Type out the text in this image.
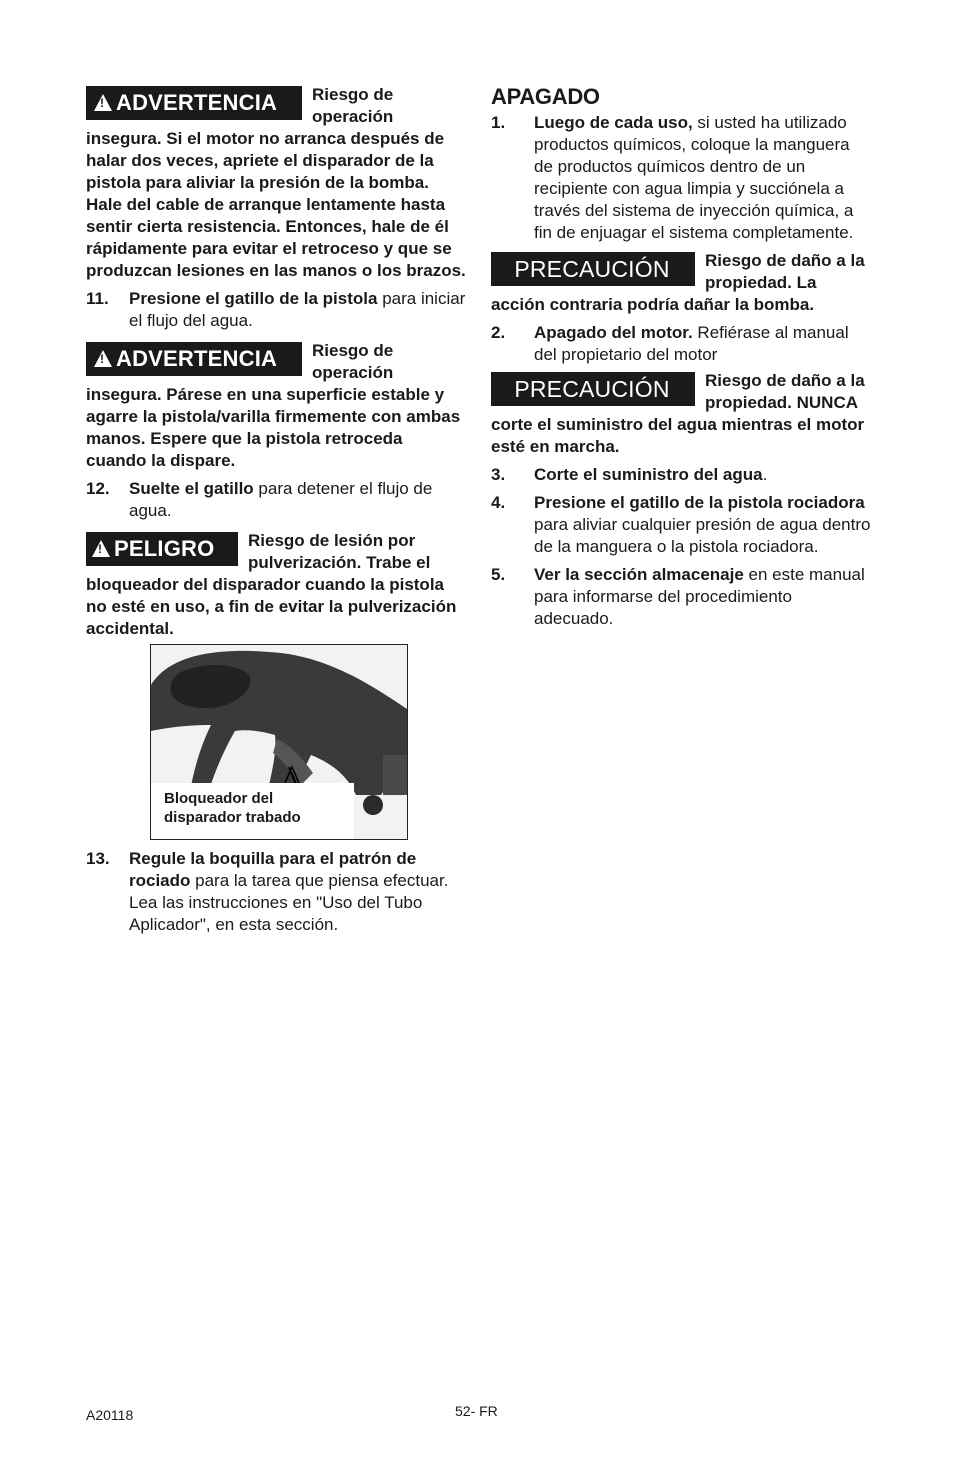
!ADVERTENCIA	Riesgo de operación insegura. Si el motor no arranca después de halar dos veces, apriete el disparador de la pistola para aliviar la presión de la bomba. Hale del cable de arranque lentamente hasta sentir cierta resistencia. Entonces, hale de él rápidamente para evitar el retroceso y que se produzcan lesiones en las manos o los brazos.
11.	Presione el gatillo de la pistola para iniciar el flujo del agua.
!ADVERTENCIA	Riesgo de operación insegura. Párese en una superficie estable y agarre la pistola/varilla firmemente con ambas manos. Espere que la pistola retroceda cuando la dispare.
12.	Suelte el gatillo para detener el flujo de agua.
!PELIGRO	Riesgo de lesión por pulverización. Trabe el bloqueador del disparador cuando la pistola no esté en uso, a fin de evitar la pulverización accidental.
Bloqueador del disparador trabado
13.	Regule la boquilla para el patrón de rociado para la tarea que piensa efectuar. Lea las instrucciones en "Uso del Tubo Aplicador", en esta sección.
APAGADO
1.	Luego de cada uso, si usted ha utilizado productos químicos, coloque la manguera de productos químicos dentro de un recipiente con agua limpia y succiónela a través del sistema de inyección química, a fin de enjuagar el sistema completamente.
PRECAUCIÓN	Riesgo de daño a la propiedad. La acción contraria podría dañar la bomba.
2.	Apagado del motor. Refiérase al manual del propietario del motor
PRECAUCIÓN	Riesgo de daño a la propiedad. NUNCA corte el suministro del agua mientras el motor esté en marcha.
3.	Corte el suministro del agua.
4.	Presione el gatillo de la pistola rociadora para aliviar cualquier presión de agua dentro de la manguera o la pistola rociadora.
5.	Ver la sección almacenaje en este manual para informarse del procedimiento adecuado.
A20118	52- FR
